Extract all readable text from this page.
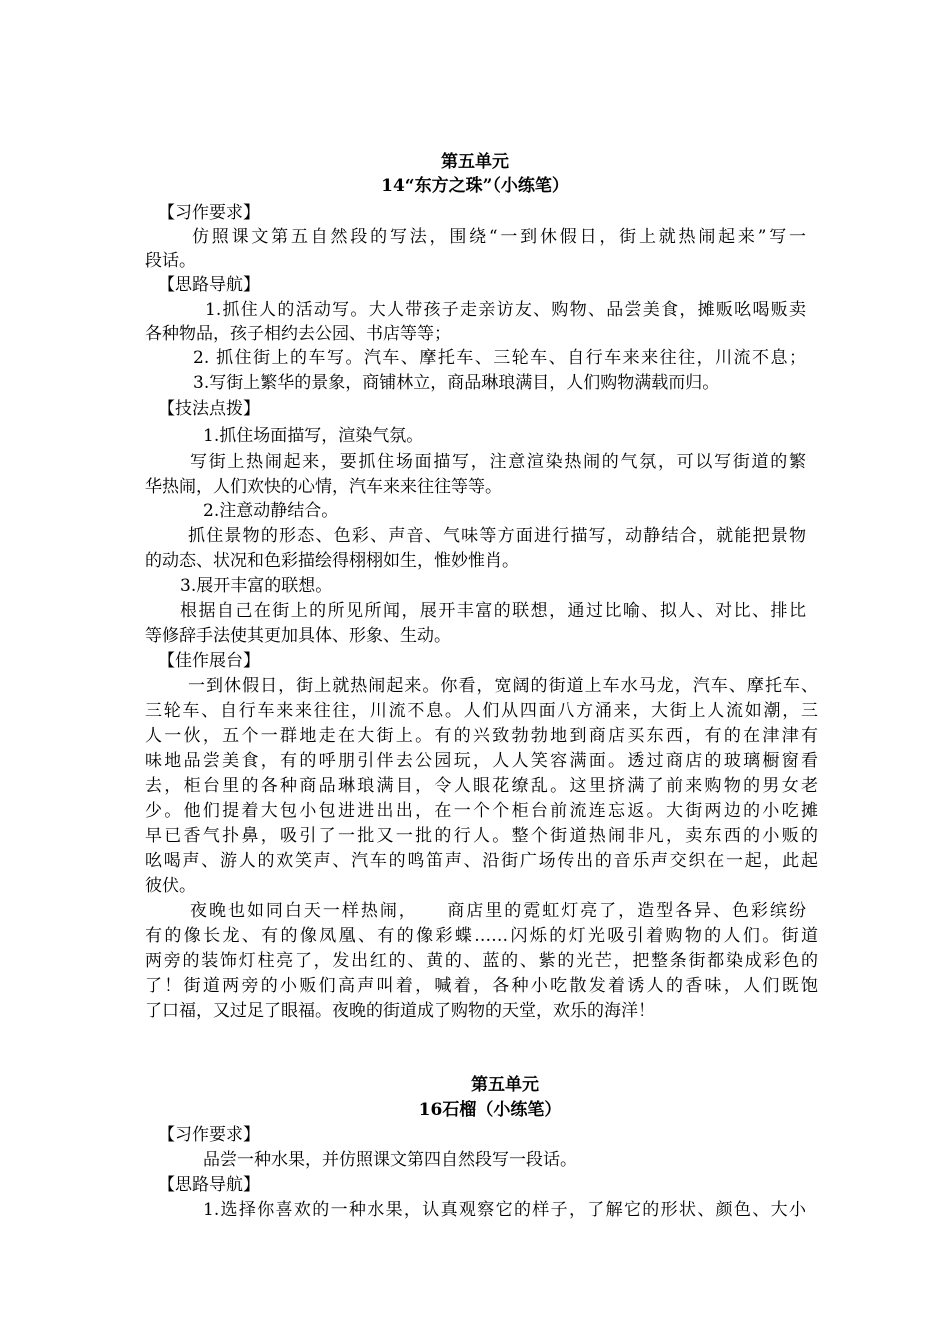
第五单元
14“东方之珠”（小练笔）
【习作要求】
仿照课文第五自然段的写法，围绕“一到休假日，街上就热闹起来”写一
段话。
【思路导航】
1.抓住人的活动写。大人带孩子走亲访友、购物、品尝美食，摊贩吆喝贩卖
各种物品，孩子相约去公园、书店等等；
2. 抓住街上的车写。汽车、摩托车、三轮车、自行车来来往往，川流不息；
3.写街上繁华的景象，商铺林立，商品琳琅满目，人们购物满载而归。
【技法点拨】
1.抓住场面描写，渲染气氛。
写街上热闹起来，要抓住场面描写，注意渲染热闹的气氛，可以写街道的繁
华热闹，人们欢快的心情，汽车来来往往等等。
2.注意动静结合。
抓住景物的形态、色彩、声音、气味等方面进行描写，动静结合，就能把景物
的动态、状况和色彩描绘得栩栩如生，惟妙惟肖。
3.展开丰富的联想。
根据自己在街上的所见所闻，展开丰富的联想，通过比喻、拟人、对比、排比
等修辞手法使其更加具体、形象、生动。
【佳作展台】
一到休假日，街上就热闹起来。你看，宽阔的街道上车水马龙，汽车、摩托车、
三轮车、自行车来来往往，川流不息。人们从四面八方涌来，大街上人流如潮，三
人一伙，五个一群地走在大街上。有的兴致勃勃地到商店买东西，有的在津津有
味地品尝美食，有的呼朋引伴去公园玩，人人笑容满面。透过商店的玻璃橱窗看
去，柜台里的各种商品琳琅满目，令人眼花缭乱。这里挤满了前来购物的男女老
少。他们提着大包小包进进出出，在一个个柜台前流连忘返。大街两边的小吃摊
早已香气扑鼻，吸引了一批又一批的行人。整个街道热闹非凡，卖东西的小贩的
吆喝声、游人的欢笑声、汽车的鸣笛声、沿街广场传出的音乐声交织在一起，此起
彼伏。
夜晚也如同白天一样热闹，    商店里的霓虹灯亮了，造型各异、色彩缤纷
有的像长龙、有的像凤凰、有的像彩蝶……闪烁的灯光吸引着购物的人们。街道
两旁的装饰灯柱亮了，发出红的、黄的、蓝的、紫的光芒，把整条街都染成彩色的
了！街道两旁的小贩们高声叫着，喊着，各种小吃散发着诱人的香味，人们既饱
了口福，又过足了眼福。夜晚的街道成了购物的天堂，欢乐的海洋！
第五单元
16石榴（小练笔）
【习作要求】
品尝一种水果，并仿照课文第四自然段写一段话。
【思路导航】
1.选择你喜欢的一种水果，认真观察它的样子，了解它的形状、颜色、大小
